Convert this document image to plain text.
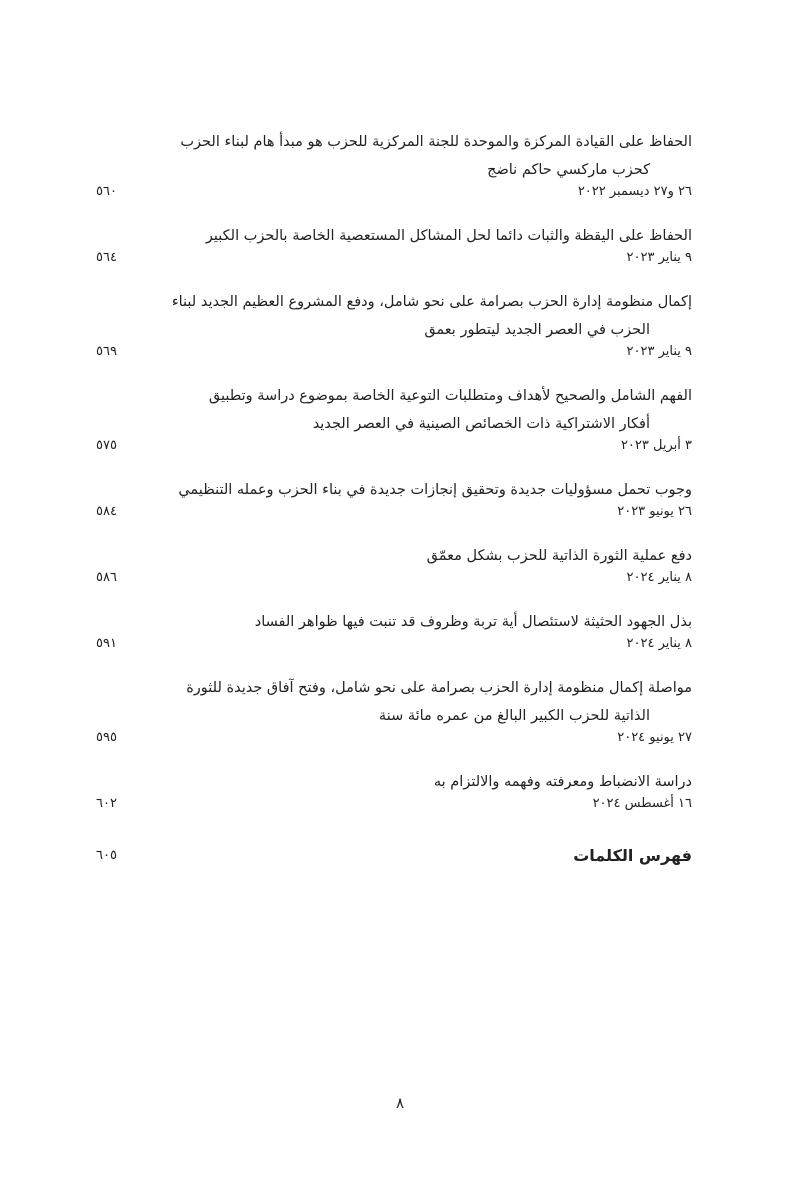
الحفاظ على القيادة المركزة والموحدة للجنة المركزية للحزب هو مبدأ هام لبناء الحزب
كحزب ماركسي حاكم ناضج
٢٦ و٢٧ ديسمبر ٢٠٢٢
٥٦٠
الحفاظ على اليقظة والثبات دائما لحل المشاكل المستعصية الخاصة بالحزب الكبير
٩ يناير ٢٠٢٣
٥٦٤
إكمال منظومة إدارة الحزب بصرامة على نحو شامل، ودفع المشروع العظيم الجديد لبناء
الحزب في العصر الجديد ليتطور بعمق
٩ يناير ٢٠٢٣
٥٦٩
الفهم الشامل والصحيح لأهداف ومتطلبات التوعية الخاصة بموضوع دراسة وتطبيق
أفكار الاشتراكية ذات الخصائص الصينية في العصر الجديد
٣ أبريل ٢٠٢٣
٥٧٥
وجوب تحمل مسؤوليات جديدة وتحقيق إنجازات جديدة في بناء الحزب وعمله التنظيمي
٢٦ يونيو ٢٠٢٣
٥٨٤
دفع عملية الثورة الذاتية للحزب بشكل معمّق
٨ يناير ٢٠٢٤
٥٨٦
بذل الجهود الحثيثة لاستئصال أية تربة وظروف قد تنبت فيها ظواهر الفساد
٨ يناير ٢٠٢٤
٥٩١
مواصلة إكمال منظومة إدارة الحزب بصرامة على نحو شامل، وفتح آفاق جديدة للثورة
الذاتية للحزب الكبير البالغ من عمره مائة سنة
٢٧ يونيو ٢٠٢٤
٥٩٥
دراسة الانضباط ومعرفته وفهمه والالتزام به
١٦ أغسطس ٢٠٢٤
٦٠٢
فهرس الكلمات
٦٠٥
٨
